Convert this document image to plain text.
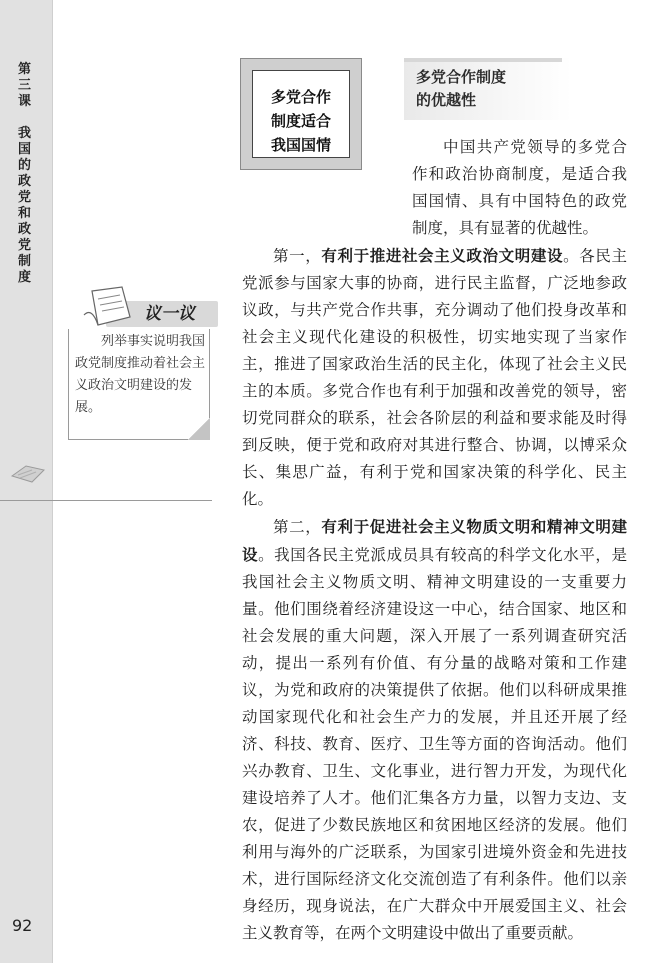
第三课
我国的政党和政党制度
92
多党合作
制度适合
我国国情
多党合作制度
的优越性

中国共产党领导的多党合作和政治协商制度，是适合我国国情、具有中国特色的政党制度，具有显著的优越性。

第一，有利于推进社会主义政治文明建设。各民主党派参与国家大事的协商，进行民主监督，广泛地参政议政，与共产党合作共事，充分调动了他们投身改革和社会主义现代化建设的积极性，切实地实现了当家作主，推进了国家政治生活的民主化，体现了社会主义民主的本质。多党合作也有利于加强和改善党的领导，密切党同群众的联系，社会各阶层的利益和要求能及时得到反映，便于党和政府对其进行整合、协调，以博采众长、集思广益，有利于党和国家决策的科学化、民主化。

第二，有利于促进社会主义物质文明和精神文明建设。我国各民主党派成员具有较高的科学文化水平，是我国社会主义物质文明、精神文明建设的一支重要力量。他们围绕着经济建设这一中心，结合国家、地区和社会发展的重大问题，深入开展了一系列调查研究活动，提出一系列有价值、有分量的战略对策和工作建议，为党和政府的决策提供了依据。他们以科研成果推动国家现代化和社会生产力的发展，并且还开展了经济、科技、教育、医疗、卫生等方面的咨询活动。他们兴办教育、卫生、文化事业，进行智力开发，为现代化建设培养了人才。他们汇集各方力量，以智力支边、支农，促进了少数民族地区和贫困地区经济的发展。他们利用与海外的广泛联系，为国家引进境外资金和先进技术，进行国际经济文化交流创造了有利条件。他们以亲身经历，现身说法，在广大群众中开展爱国主义、社会主义教育等，在两个文明建设中做出了重要贡献。

议一议
列举事实说明我国政党制度推动着社会主义政治文明建设的发展。
